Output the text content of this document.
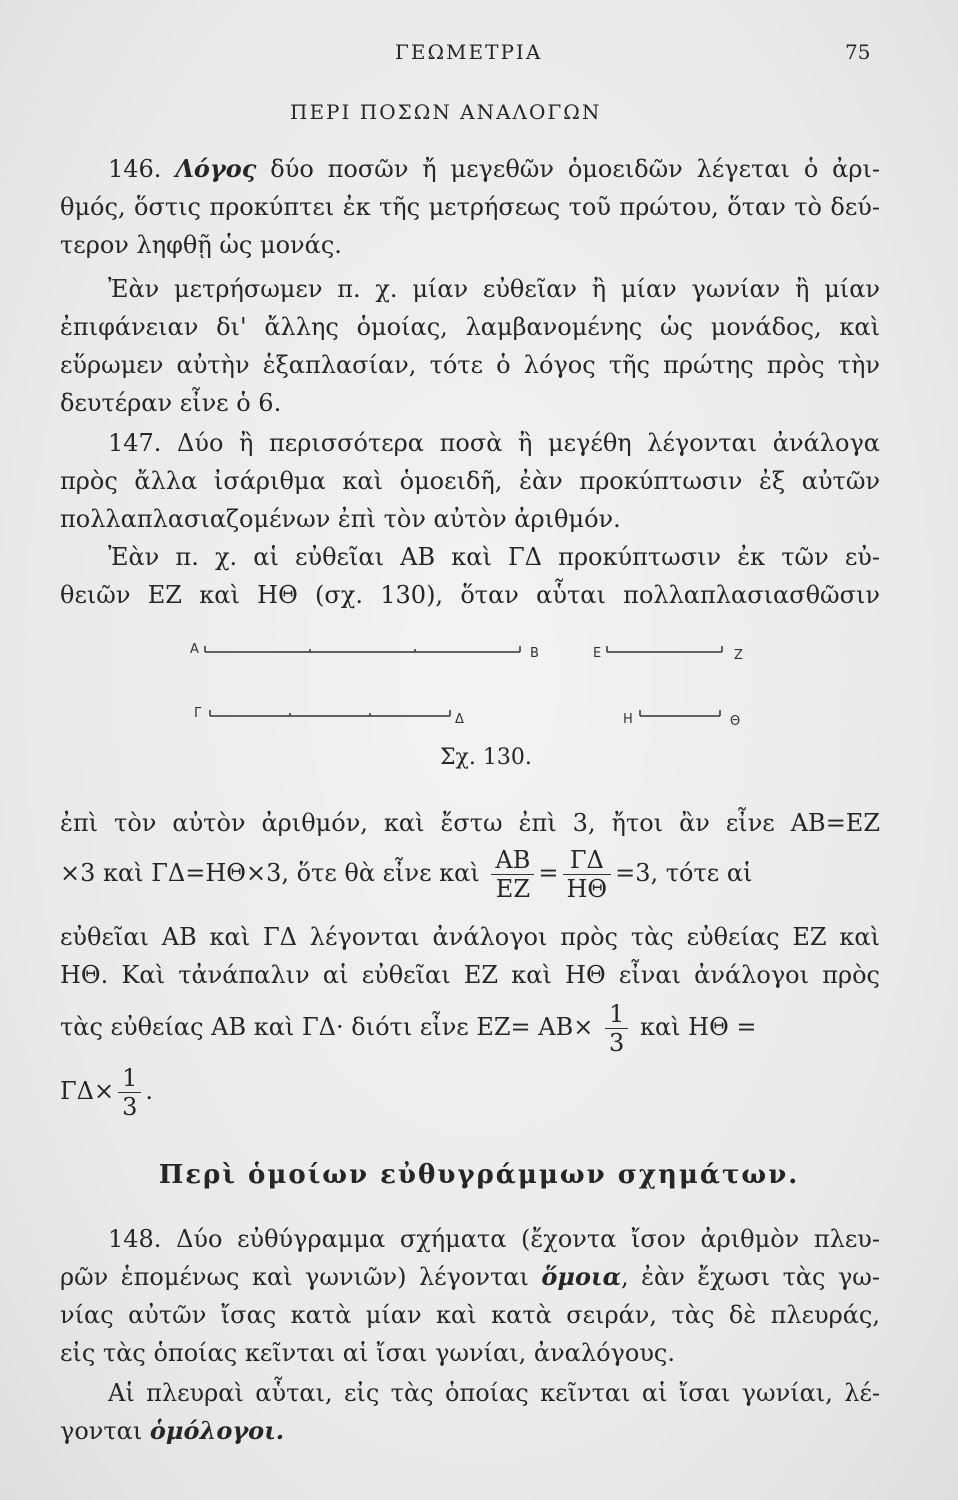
ΓΕΩΜΕΤΡΙΑ	75
ΠΕΡΙ ΠΟΣΩΝ ΑΝΑΛΟΓΩΝ
146. Λόγος δύο ποσῶν ἤ μεγεθῶν ὁμοειδῶν λέγεται ὁ ἀρι-
θμός, ὅστις προκύπτει ἐκ τῆς μετρήσεως τοῦ πρώτου, ὅταν τὸ δεύ-
τερον ληφθῇ ὡς μονάς.
Ἐὰν μετρήσωμεν π. χ. μίαν εὐθεῖαν ἢ μίαν γωνίαν ἢ μίαν
ἐπιφάνειαν δι' ἄλλης ὁμοίας, λαμβανομένης ὡς μονάδος, καὶ
εὕρωμεν αὐτὴν ἑξαπλασίαν, τότε ὁ λόγος τῆς πρώτης πρὸς τὴν
δευτέραν εἶνε ὁ 6.
147. Δύο ἢ περισσότερα ποσὰ ἢ μεγέθη λέγονται ἀνάλογα
πρὸς ἄλλα ἰσάριθμα καὶ ὁμοειδῆ, ἐὰν προκύπτωσιν ἐξ αὐτῶν
πολλαπλασιαζομένων ἐπὶ τὸν αὐτὸν ἀριθμόν.
Ἐὰν π. χ. αἱ εὐθεῖαι ΑΒ καὶ ΓΔ προκύπτωσιν ἐκ τῶν εὐ-
θειῶν ΕΖ καὶ ΗΘ (σχ. 130), ὅταν αὗται πολλαπλασιασθῶσιν
Α	Β	Ε	Ζ
Γ	Δ	Η	Θ
Σχ. 130.
ἐπὶ τὸν αὐτὸν ἀριθμόν, καὶ ἔστω ἐπὶ 3, ἤτοι ἂν εἶνε ΑΒ=ΕΖ
×3 καὶ ΓΔ=ΗΘ×3, ὅτε θὰ εἶνε καὶ $\frac{AB}{EZ} = \frac{\Gamma\Delta}{H\Theta} =3$, τότε αἱ
εὐθεῖαι ΑΒ καὶ ΓΔ λέγονται ἀνάλογοι πρὸς τὰς εὐθείας ΕΖ καὶ
ΗΘ. Καὶ τἀνάπαλιν αἱ εὐθεῖαι ΕΖ καὶ ΗΘ εἶναι ἀνάλογοι πρὸς
τὰς εὐθείας ΑΒ καὶ ΓΔ· διότι εἶνε $EZ= AB\times \frac{1}{3}$ καὶ ΗΘ =
$\Gamma\Delta\times \frac{1}{3}$ .
Περὶ ὁμοίων εὐθυγράμμων σχημάτων.
148. Δύο εὐθύγραμμα σχήματα (ἔχοντα ἴσον ἀριθμὸν πλευ-
ρῶν ἑπομένως καὶ γωνιῶν) λέγονται ὅμοια, ἐὰν ἔχωσι τὰς γω-
νίας αὐτῶν ἴσας κατὰ μίαν καὶ κατὰ σειράν, τὰς δὲ πλευράς,
εἰς τὰς ὁποίας κεῖνται αἱ ἴσαι γωνίαι, ἀναλόγους.
Αἱ πλευραὶ αὗται, εἰς τὰς ὁποίας κεῖνται αἱ ἴσαι γωνίαι, λέ-
γονται ὁμόλογοι.
